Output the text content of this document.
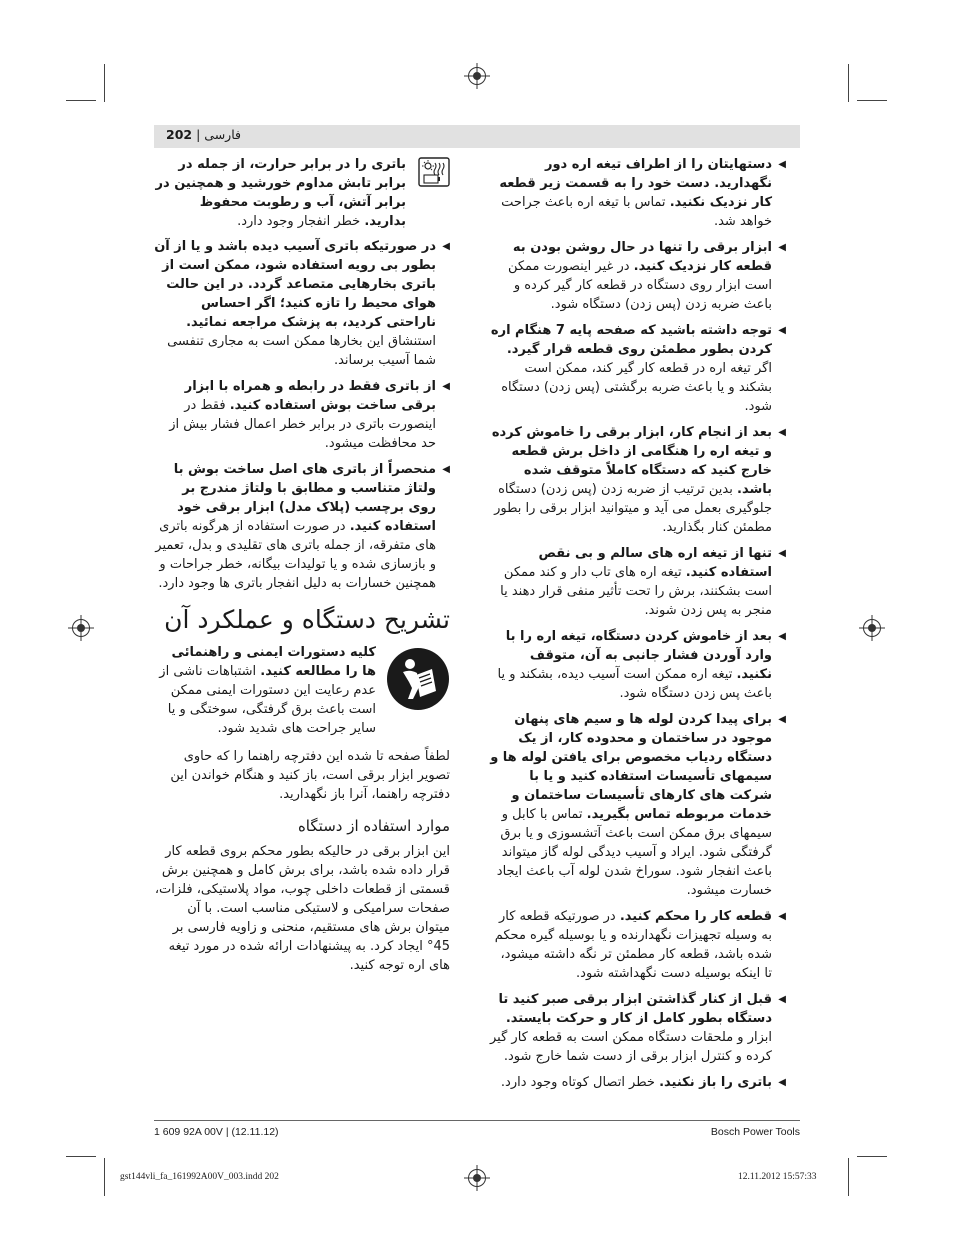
202 | فارسی
◀
دستهایتان را از اطراف تیغه اره دور نگهدارید. دست خود را به قسمت زیر قطعه کار نزدیک نکنید. تماس با تیغه اره باعث جراحت خواهد شد.
◀
ابزار برقی را تنها در حال روشن بودن به قطعه کار نزدیک کنید. در غیر اینصورت ممکن است ابزار روی دستگاه در قطعه کار گیر کرده و باعث ضربه زدن (پس زدن) دستگاه شود.
◀
توجه داشته باشید که صفحه پایه 7 هنگام اره کردن بطور مطمئن روی قطعه قرار گیرد. اگر تیغه اره در قطعه کار گیر کند، ممکن است بشکند و یا باعث ضربه برگشتی (پس زدن) دستگاه شود.
◀
بعد از انجام کار، ابزار برقی را خاموش کرده و تیغه اره را هنگامی از داخل برش قطعه خارج کنید که دستگاه کاملاً متوقف شده باشد. بدین ترتیب از ضربه زدن (پس زدن) دستگاه جلوگیری بعمل می آید و میتوانید ابزار برقی را بطور مطمئن کنار بگذارید.
◀
تنها از تیغه اره های سالم و بی نقص استفاده کنید. تیغه اره های تاب دار و کند ممکن است بشکنند، برش را تحت تأثیر منفی قرار دهند یا منجر به پس زدن شوند.
◀
بعد از خاموش کردن دستگاه، تیغه اره را با وارد آوردن فشار جانبی به آن، متوقف نکنید. تیغه اره ممکن است آسیب دیده، بشکند و یا باعث پس زدن دستگاه شود.
◀
برای پیدا کردن لوله ها و سیم های پنهان موجود در ساختمان و محدوده کار، از یک دستگاه ردیاب مخصوص برای یافتن لوله ها و سیمهای تأسیسات استفاده کنید و یا با شرکت های کارهای تأسیسات ساختمان و خدمات مربوطه تماس بگیرید. تماس با کابل و سیمهای برق ممکن است باعث آتشسوزی و یا برق گرفتگی شود. ایراد و آسیب دیدگی لوله گاز میتواند باعث انفجار شود. سوراخ شدن لوله آب باعث ایجاد خسارت میشود.
◀
قطعه کار را محکم کنید. در صورتیکه قطعه کار به وسیله تجهیزات نگهدارنده و یا بوسیله گیره محکم شده باشد، قطعه کار مطمئن تر نگه داشته میشود، تا اینکه بوسیله دست نگهداشته شود.
◀
قبل از کنار گذاشتن ابزار برقی صبر کنید تا دستگاه بطور کامل از کار و حرکت بایستد. ابزار و ملحقات دستگاه ممکن است به قطعه کار گیر کرده و کنترل ابزار برقی از دست شما خارج شود.
◀
باتری را باز نکنید. خطر اتصال کوتاه وجود دارد.
باتری را در برابر حرارت، از جمله در برابر تابش مداوم خورشید و همچنین در برابر آتش، آب و رطوبت محفوظ بدارید. خطر انفجار وجود دارد.
◀
در صورتیکه باتری آسیب دیده باشد و یا از آن بطور بی رویه استفاده شود، ممکن است از باتری بخارهایی متصاعد گردد. در این حالت هوای محیط را تازه کنید؛ اگر احساس ناراحتی کردید، به پزشک مراجعه نمائید. استنشاق این بخارها ممکن است به مجاری تنفسی شما آسیب برساند.
◀
از باتری فقط در رابطه و همراه با ابزار برقی ساخت بوش استفاده کنید. فقط در اینصورت باتری در برابر خطر اعمال فشار بیش از حد محافظت میشود.
◀
منحصراً از باتری های اصل ساخت بوش با ولتاژ متناسب و مطابق با ولتاژ مندرج بر روی برچسب (پلاک مدل) ابزار برقی خود استفاده کنید. در صورت استفاده از هرگونه باتری های متفرقه، از جمله باتری های تقلیدی و بدل، تعمیر و بازسازی شده و یا تولیدات بیگانه، خطر جراحات و همچنین خسارات به دلیل انفجار باتری ها وجود دارد.
تشریح دستگاه و عملکرد آن

کلیه دستورات ایمنی و راهنمائی ها را مطالعه کنید. اشتباهات ناشی از عدم رعایت این دستورات ایمنی ممکن است باعث برق گرفتگی، سوختگی و یا سایر جراحت های شدید شود.

لطفاً صفحه تا شده این دفترچه راهنما را که حاوی تصویر ابزار برقی است، باز کنید و هنگام خواندن این دفترچه راهنما، آنرا باز نگهدارید.

موارد استفاده از دستگاه

این ابزار برقی در حالیکه بطور محکم بروی قطعه کار قرار داده شده باشد، برای برش کامل و همچنین برش قسمتی از قطعات داخلی چوب، مواد پلاستیکی، فلزات، صفحات سرامیکی و لاستیکی مناسب است. با آن میتوان برش های مستقیم، منحنی و زاویه فارسی بر 45° ایجاد کرد. به پیشنهادات ارائه شده در مورد تیغه های اره توجه کنید.

1 609 92A 00V | (12.11.12)	Bosch Power Tools
gst144vli_fa_161992A00V_003.indd 202	12.11.2012 15:57:33
